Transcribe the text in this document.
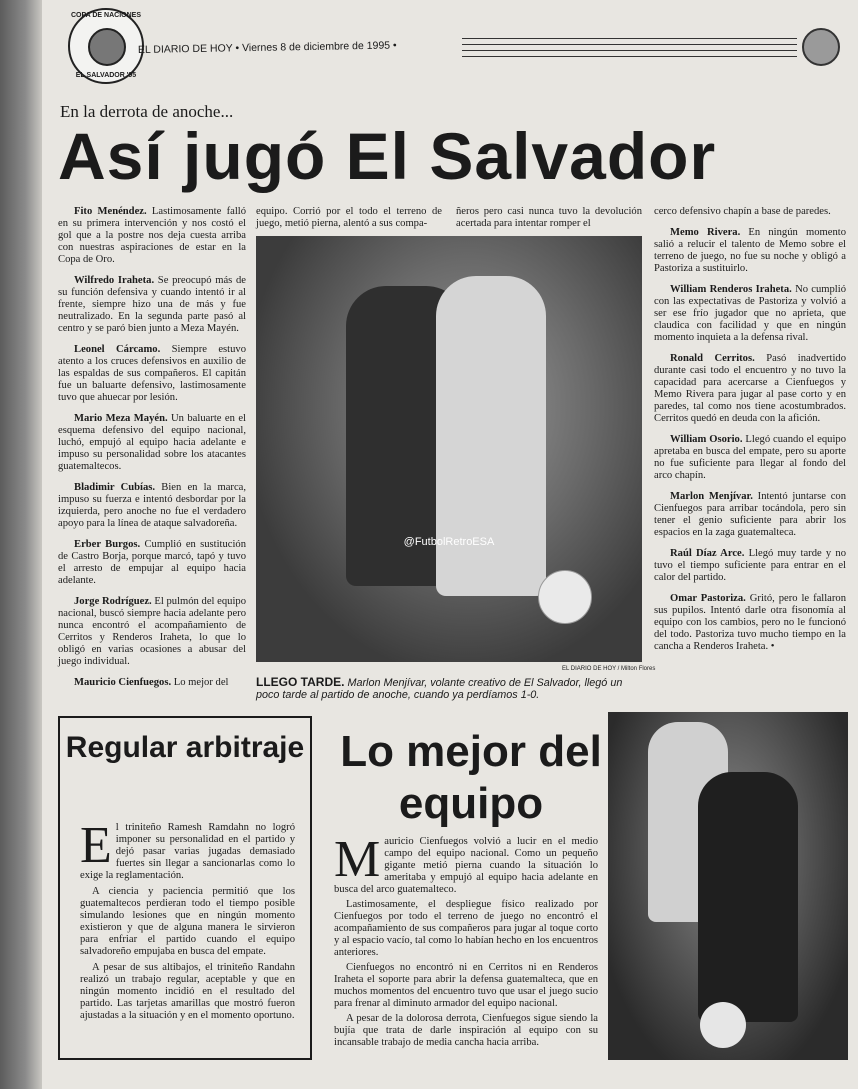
COPA DE NACIONES
EL SALVADOR '95
EL DIARIO DE HOY • Viernes 8 de diciembre de 1995 •
En la derrota de anoche...
Así jugó El Salvador

Fito Menéndez. Lastimosamente falló en su primera intervención y nos costó el gol que a la postre nos deja cuesta arriba con nuestras aspiraciones de estar en la Copa de Oro.

Wilfredo Iraheta. Se preocupó más de su función defensiva y cuando intentó ir al frente, siempre hizo una de más y fue neutralizado. En la segunda parte pasó al centro y se paró bien junto a Meza Mayén.

Leonel Cárcamo. Siempre estuvo atento a los cruces defensivos en auxilio de las espaldas de sus compañeros. El capitán fue un baluarte defensivo, lastimosamente tuvo que ahuecar por lesión.

Mario Meza Mayén. Un baluarte en el esquema defensivo del equipo nacional, luchó, empujó al equipo hacia adelante e impuso su personalidad sobre los atacantes guatemaltecos.

Bladimir Cubías. Bien en la marca, impuso su fuerza e intentó desbordar por la izquierda, pero anoche no fue el verdadero apoyo para la línea de ataque salvadoreña.

Erber Burgos. Cumplió en sustitución de Castro Borja, porque marcó, tapó y tuvo el arresto de empujar al equipo hacia adelante.

Jorge Rodríguez. El pulmón del equipo nacional, buscó siempre hacia adelante pero nunca encontró el acompañamiento de Cerritos y Renderos Iraheta, lo que lo obligó en varias ocasiones a abusar del juego individual.

Mauricio Cienfuegos. Lo mejor del

equipo. Corrió por el todo el terreno de juego, metió pierna, alentó a sus compa-

ñeros pero casi nunca tuvo la devolución acertada para intentar romper el

@FutbolRetroESA
EL DIARIO DE HOY / Milton Flores
LLEGO TARDE. Marlon Menjívar, volante creativo de El Salvador, llegó un poco tarde al partido de anoche, cuando ya perdíamos 1-0.

cerco defensivo chapín a base de paredes.

Memo Rivera. En ningún momento salió a relucir el talento de Memo sobre el terreno de juego, no fue su noche y obligó a Pastoriza a sustituirlo.

William Renderos Iraheta. No cumplió con las expectativas de Pastoriza y volvió a ser ese frío jugador que no aprieta, que claudica con facilidad y que en ningún momento inquieta a la defensa rival.

Ronald Cerritos. Pasó inadvertido durante casi todo el encuentro y no tuvo la capacidad para acercarse a Cienfuegos y Memo Rivera para jugar al pase corto y en paredes, tal como nos tiene acostumbrados. Cerritos quedó en deuda con la afición.

William Osorio. Llegó cuando el equipo apretaba en busca del empate, pero su aporte no fue suficiente para llegar al fondo del arco chapín.

Marlon Menjívar. Intentó juntarse con Cienfuegos para arribar tocándola, pero sin tener el genio suficiente para abrir los espacios en la zaga guatemalteca.

Raúl Díaz Arce. Llegó muy tarde y no tuvo el tiempo suficiente para entrar en el calor del partido.

Omar Pastoriza. Gritó, pero le fallaron sus pupilos. Intentó darle otra fisonomía al equipo con los cambios, pero no le funcionó del todo. Pastoriza tuvo mucho tiempo en la cancha a Renderos Iraheta. •

Regular arbitraje

El triniteño Ramesh Ramdahn no logró imponer su personalidad en el partido y dejó pasar varias jugadas demasiado fuertes sin llegar a sancionarlas como lo exige la reglamentación.

A ciencia y paciencia permitió que los guatemaltecos perdieran todo el tiempo posible simulando lesiones que en ningún momento existieron y que de alguna manera le sirvieron para enfriar el partido cuando el equipo salvadoreño empujaba en busca del empate.

A pesar de sus altibajos, el triniteño Randahn realizó un trabajo regular, aceptable y que en ningún momento incidió en el resultado del partido. Las tarjetas amarillas que mostró fueron ajustadas a la situación y en el momento oportuno.

Lo mejor del equipo

Mauricio Cienfuegos volvió a lucir en el medio campo del equipo nacional. Como un pequeño gigante metió pierna cuando la situación lo ameritaba y empujó al equipo hacia adelante en busca del arco guatemalteco.

Lastimosamente, el despliegue físico realizado por Cienfuegos por todo el terreno de juego no encontró el acompañamiento de sus compañeros para jugar al toque corto y al espacio vacío, tal como lo habían hecho en los encuentros anteriores.

Cienfuegos no encontró ni en Cerritos ni en Renderos Iraheta el soporte para abrir la defensa guatemalteca, que en muchos momentos del encuentro tuvo que usar el juego sucio para frenar al diminuto armador del equipo nacional.

A pesar de la dolorosa derrota, Cienfuegos sigue siendo la bujía que trata de darle inspiración al equipo con su incansable trabajo de media cancha hacia arriba.
